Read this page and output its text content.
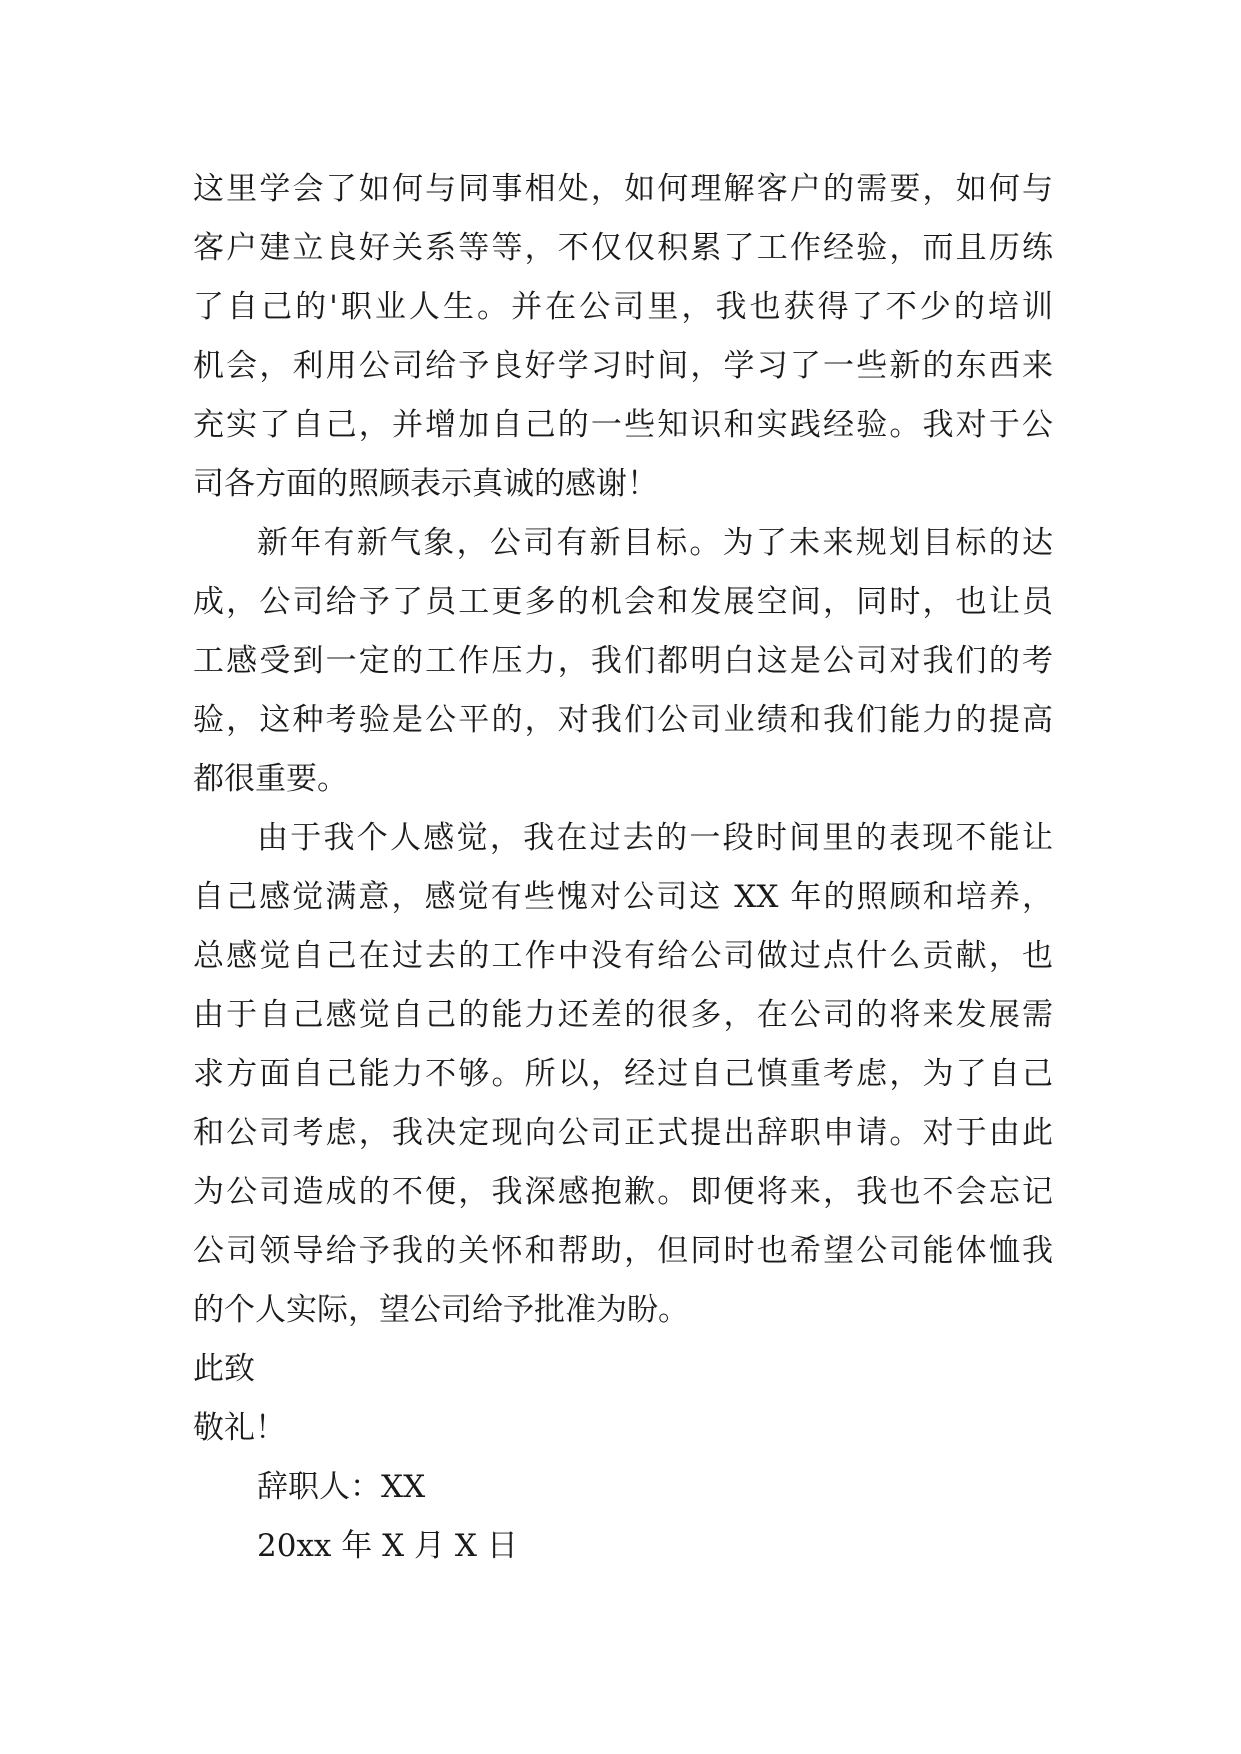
这里学会了如何与同事相处，如何理解客户的需要，如何与
客户建立良好关系等等，不仅仅积累了工作经验，而且历练
了自己的'职业人生。并在公司里，我也获得了不少的培训
机会，利用公司给予良好学习时间，学习了一些新的东西来
充实了自己，并增加自己的一些知识和实践经验。我对于公
司各方面的照顾表示真诚的感谢！
新年有新气象，公司有新目标。为了未来规划目标的达
成，公司给予了员工更多的机会和发展空间，同时，也让员
工感受到一定的工作压力，我们都明白这是公司对我们的考
验，这种考验是公平的，对我们公司业绩和我们能力的提高
都很重要。
由于我个人感觉，我在过去的一段时间里的表现不能让
自己感觉满意，感觉有些愧对公司这 XX 年的照顾和培养，
总感觉自己在过去的工作中没有给公司做过点什么贡献，也
由于自己感觉自己的能力还差的很多，在公司的将来发展需
求方面自己能力不够。所以，经过自己慎重考虑，为了自己
和公司考虑，我决定现向公司正式提出辞职申请。对于由此
为公司造成的不便，我深感抱歉。即便将来，我也不会忘记
公司领导给予我的关怀和帮助，但同时也希望公司能体恤我
的个人实际，望公司给予批准为盼。
此致
敬礼！
辞职人：XX
20xx 年 X 月 X 日
